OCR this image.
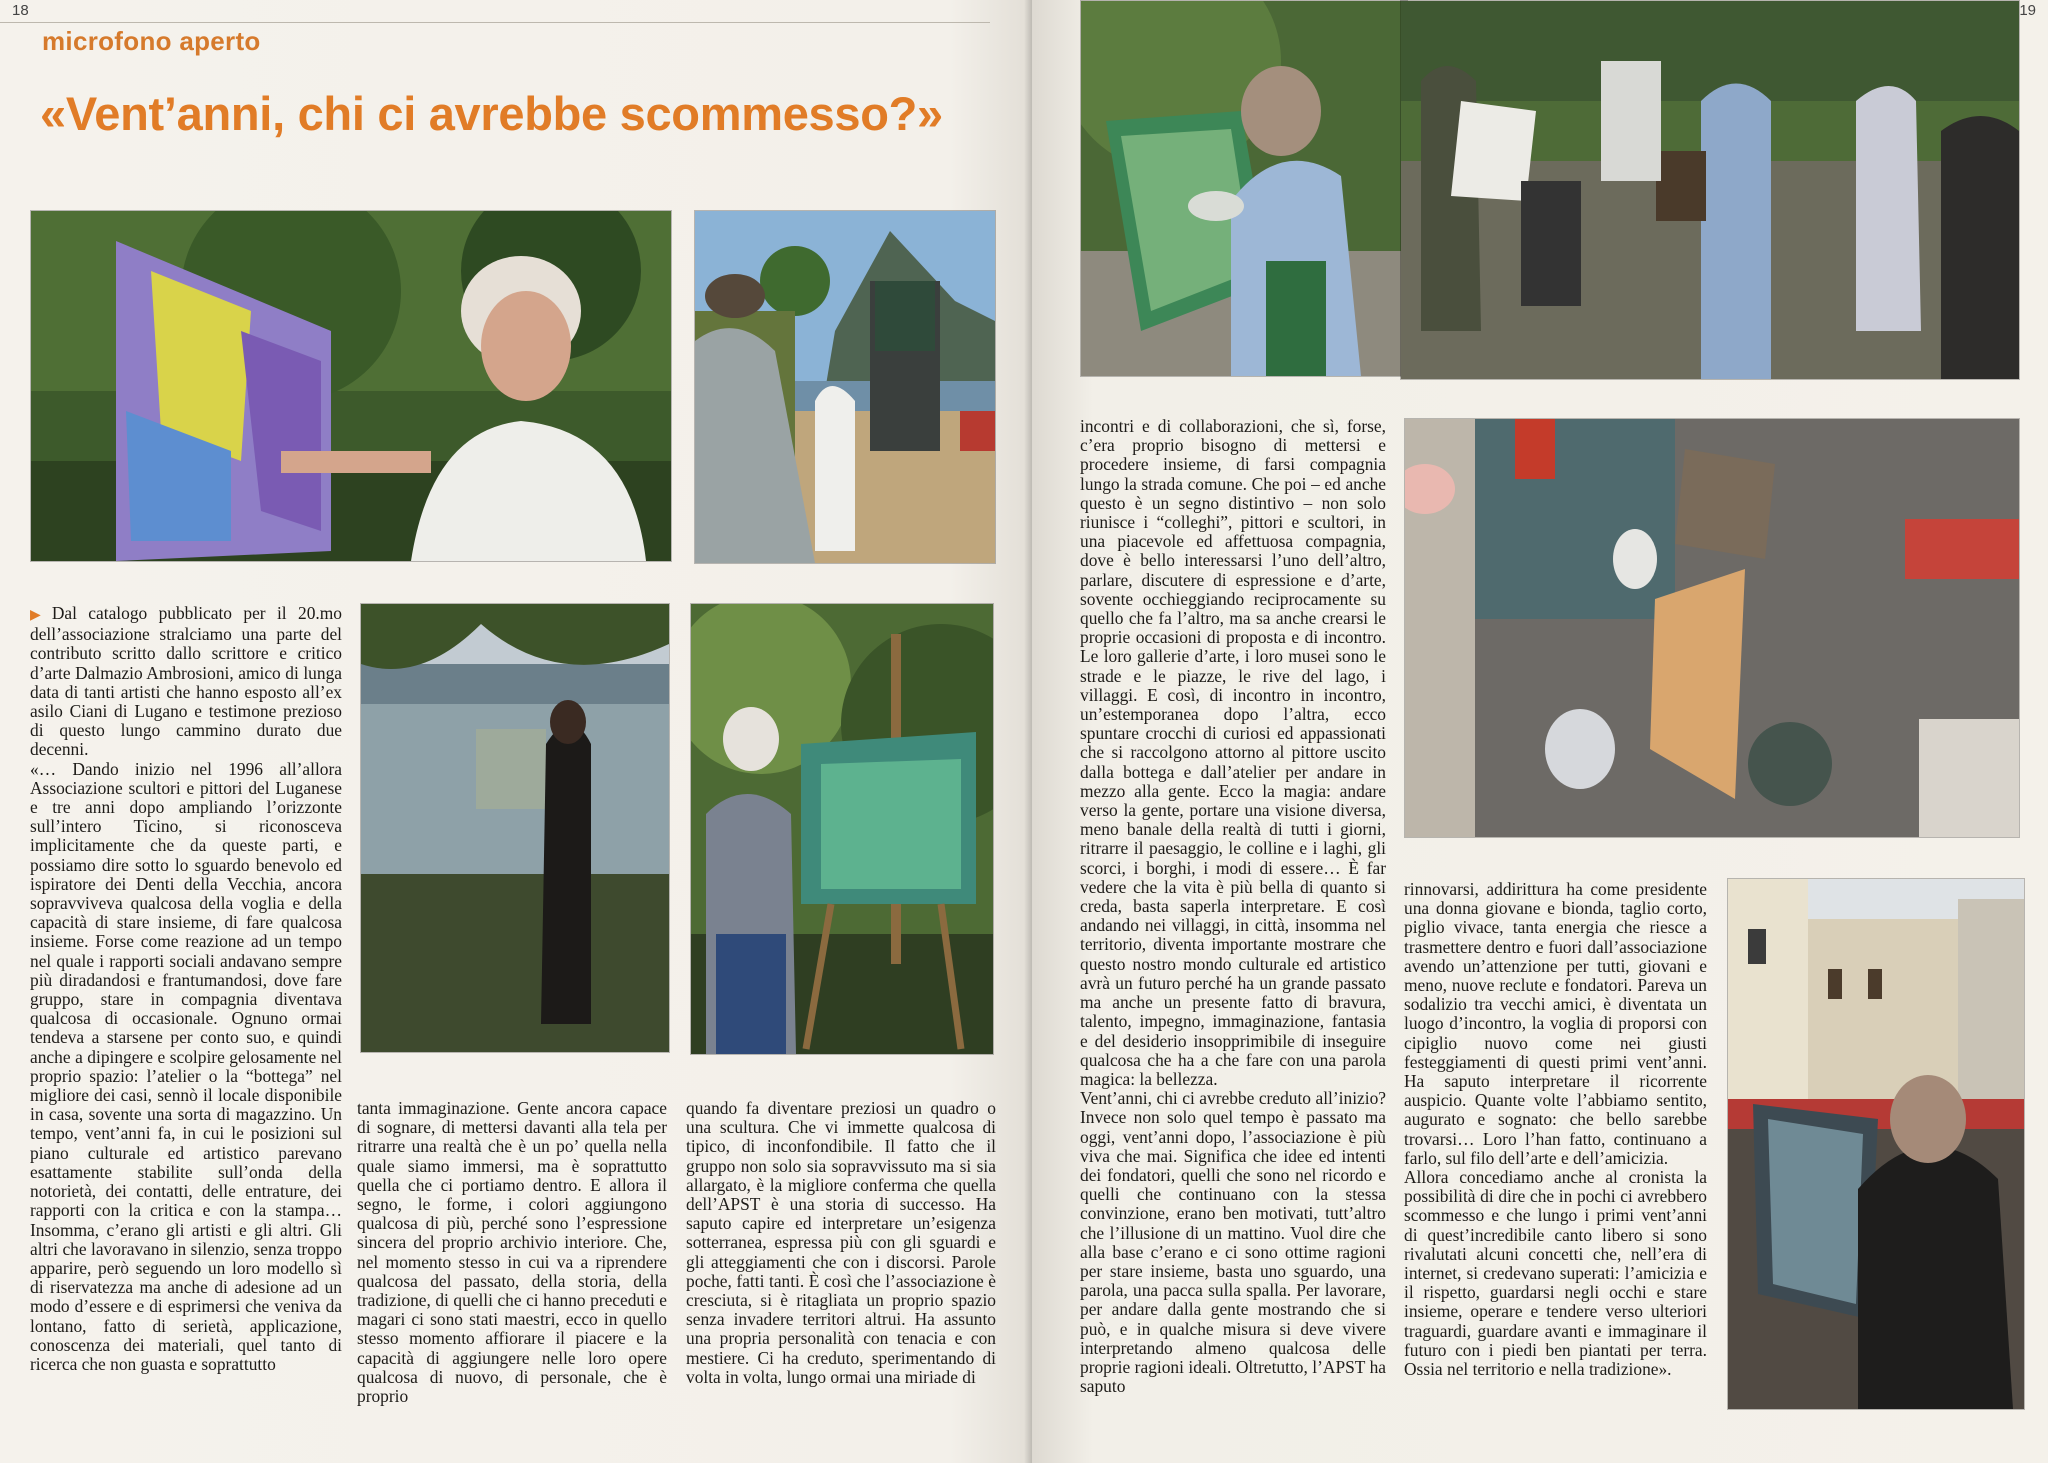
18
microfono aperto
«Vent’anni, chi ci avrebbe scommesso?»

▶ Dal catalogo pubblicato per il 20.mo dell’associazione stralciamo una parte del contributo scritto dallo scrittore e critico d’arte Dalmazio Ambrosioni, amico di lunga data di tanti artisti che hanno esposto all’ex asilo Ciani di Lugano e testimone prezioso di questo lungo cammino durato due decenni.

«… Dando inizio nel 1996 all’allora Associazione scultori e pittori del Luganese e tre anni dopo ampliando l’orizzonte sull’intero Ticino, si riconosceva implicitamente che da queste parti, e possiamo dire sotto lo sguardo benevolo ed ispiratore dei Denti della Vecchia, ancora sopravviveva qualcosa della voglia e della capacità di stare insieme, di fare qualcosa insieme. Forse come reazione ad un tempo nel quale i rapporti sociali andavano sempre più diradandosi e frantumandosi, dove fare gruppo, stare in compagnia diventava qualcosa di occasionale. Ognuno ormai tendeva a starsene per conto suo, e quindi anche a dipingere e scolpire gelosamente nel proprio spazio: l’atelier o la “bottega” nel migliore dei casi, sennò il locale disponibile in casa, sovente una sorta di magazzino. Un tempo, vent’anni fa, in cui le posizioni sul piano culturale ed artistico parevano esattamente stabilite sull’onda della notorietà, dei contatti, delle entrature, dei rapporti con la critica e con la stampa… Insomma, c’erano gli artisti e gli altri. Gli altri che lavoravano in silenzio, senza troppo apparire, però seguendo un loro modello sì di riservatezza ma anche di adesione ad un modo d’essere e di esprimersi che veniva da lontano, fatto di serietà, applicazione, conoscenza dei materiali, quel tanto di ricerca che non guasta e soprattutto

tanta immaginazione. Gente ancora capace di sognare, di mettersi davanti alla tela per ritrarre una realtà che è un po’ quella nella quale siamo immersi, ma è soprattutto quella che ci portiamo dentro. E allora il segno, le forme, i colori aggiungono qualcosa di più, perché sono l’espressione sincera del proprio archivio interiore. Che, nel momento stesso in cui va a riprendere qualcosa del passato, della storia, della tradizione, di quelli che ci hanno preceduti e magari ci sono stati maestri, ecco in quello stesso momento affiorare il piacere e la capacità di aggiungere nelle loro opere qualcosa di nuovo, di personale, che è proprio
quando fa diventare preziosi un quadro o una scultura. Che vi immette qualcosa di tipico, di inconfondibile. Il fatto che il gruppo non solo sia sopravvissuto ma si sia allargato, è la migliore conferma che quella dell’APST è una storia di successo. Ha saputo capire ed interpretare un’esigenza sotterranea, espressa più con gli sguardi e gli atteggiamenti che con i discorsi. Parole poche, fatti tanti. È così che l’associazione è cresciuta, si è ritagliata un proprio spazio senza invadere territori altrui. Ha assunto una propria personalità con tenacia e con mestiere. Ci ha creduto, sperimentando di volta in volta, lungo ormai una miriade di
19

incontri e di collaborazioni, che sì, forse, c’era proprio bisogno di mettersi e procedere insieme, di farsi compagnia lungo la strada comune. Che poi – ed anche questo è un segno distintivo – non solo riunisce i “colleghi”, pittori e scultori, in una piacevole ed affettuosa compagnia, dove è bello interessarsi l’uno dell’altro, parlare, discutere di espressione e d’arte, sovente occhieggiando reciprocamente su quello che fa l’altro, ma sa anche crearsi le proprie occasioni di proposta e di incontro. Le loro gallerie d’arte, i loro musei sono le strade e le piazze, le rive del lago, i villaggi. E così, di incontro in incontro, un’estemporanea dopo l’altra, ecco spuntare crocchi di curiosi ed appassionati che si raccolgono attorno al pittore uscito dalla bottega e dall’atelier per andare in mezzo alla gente. Ecco la magia: andare verso la gente, portare una visione diversa, meno banale della realtà di tutti i giorni, ritrarre il paesaggio, le colline e i laghi, gli scorci, i borghi, i modi di essere… È far vedere che la vita è più bella di quanto si creda, basta saperla interpretare. E così andando nei villaggi, in città, insomma nel territorio, diventa importante mostrare che questo nostro mondo culturale ed artistico avrà un futuro perché ha un grande passato ma anche un presente fatto di bravura, talento, impegno, immaginazione, fantasia e del desiderio insopprimibile di inseguire qualcosa che ha a che fare con una parola magica: la bellezza.

Vent’anni, chi ci avrebbe creduto all’inizio? Invece non solo quel tempo è passato ma oggi, vent’anni dopo, l’associazione è più viva che mai. Significa che idee ed intenti dei fondatori, quelli che sono nel ricordo e quelli che continuano con la stessa convinzione, erano ben motivati, tutt’altro che l’illusione di un mattino. Vuol dire che alla base c’erano e ci sono ottime ragioni per stare insieme, basta uno sguardo, una parola, una pacca sulla spalla. Per lavorare, per andare dalla gente mostrando che si può, e in qualche misura si deve vivere interpretando almeno qualcosa delle proprie ragioni ideali. Oltretutto, l’APST ha saputo

rinnovarsi, addirittura ha come presidente una donna giovane e bionda, taglio corto, piglio vivace, tanta energia che riesce a trasmettere dentro e fuori dall’associazione avendo un’attenzione per tutti, giovani e meno, nuove reclute e fondatori. Pareva un sodalizio tra vecchi amici, è diventata un luogo d’incontro, la voglia di proporsi con cipiglio nuovo come nei giusti festeggiamenti di questi primi vent’anni. Ha saputo interpretare il ricorrente auspicio. Quante volte l’abbiamo sentito, augurato e sognato: che bello sarebbe trovarsi… Loro l’han fatto, continuano a farlo, sul filo dell’arte e dell’amicizia.

Allora concediamo anche al cronista la possibilità di dire che in pochi ci avrebbero scommesso e che lungo i primi vent’anni di quest’incredibile canto libero si sono rivalutati alcuni concetti che, nell’era di internet, si credevano superati: l’amicizia e il rispetto, guardarsi negli occhi e stare insieme, operare e tendere verso ulteriori traguardi, guardare avanti e immaginare il futuro con i piedi ben piantati per terra. Ossia nel territorio e nella tradizione».
